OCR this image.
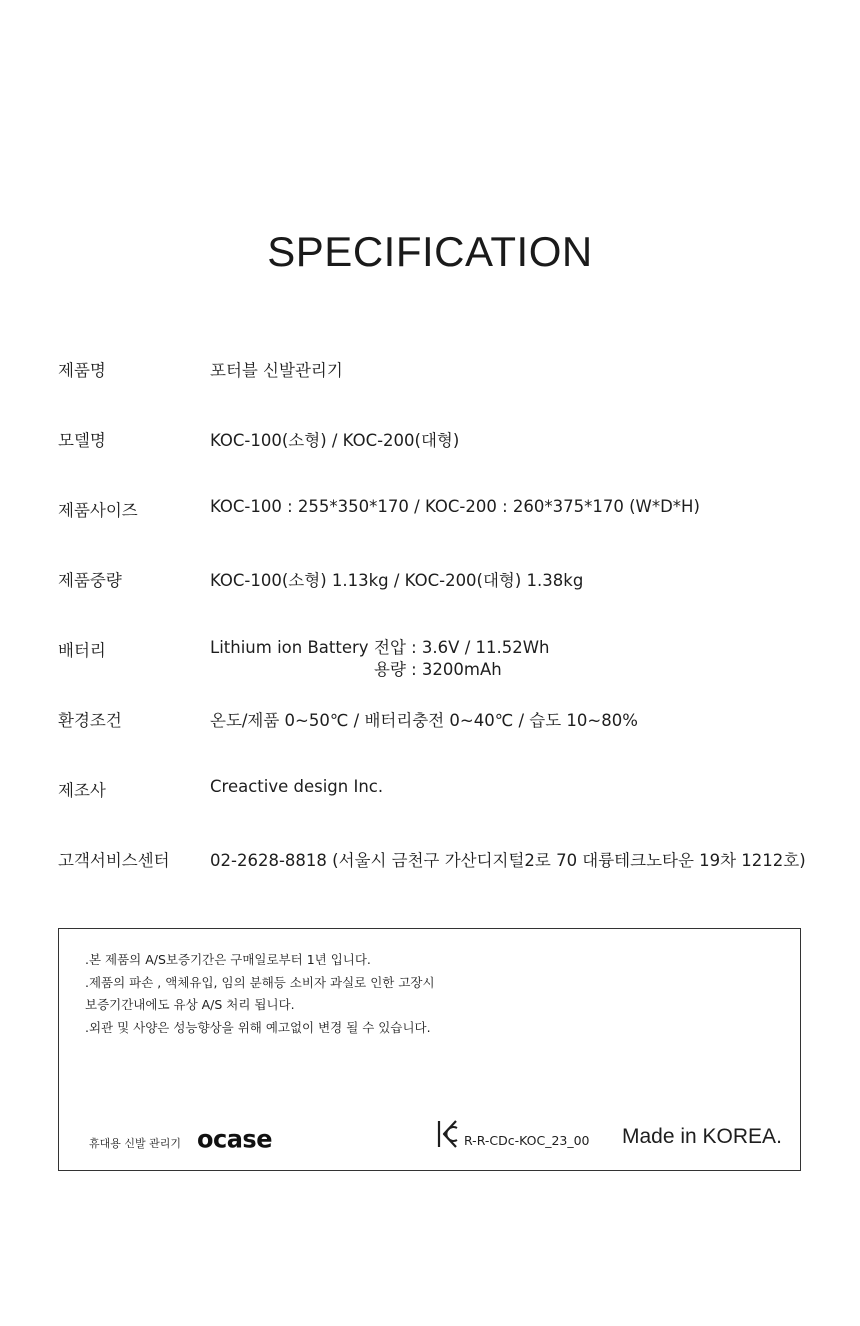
SPECIFICATION
제품명	포터블 신발관리기
모델명	KOC-100(소형) / KOC-200(대형)
제품사이즈	KOC-100 : 255*350*170 / KOC-200 : 260*375*170 (W*D*H)
제품중량	KOC-100(소형) 1.13kg / KOC-200(대형) 1.38kg
배터리	Lithium ion Battery 전압 : 3.6V / 11.52Wh
용량 : 3200mAh
환경조건	온도/제품 0~50℃ / 배터리충전 0~40℃ / 습도 10~80%
제조사	Creactive design Inc.
고객서비스센터 02-2628-8818 (서울시 금천구 가산디지털2로 70 대륭테크노타운 19차 1212호)
.본 제품의 A/S보증기간은 구매일로부터 1년 입니다.
.제품의 파손 , 액체유입, 임의 분해등 소비자 과실로 인한 고장시
보증기간내에도 유상 A/S 처리 됩니다.
.외관 및 사양은 성능향상을 위해 예고없이 변경 될 수 있습니다.
휴대용 신발 관리기 ocase	R-R-CDc-KOC_23_00 Made in KOREA.
